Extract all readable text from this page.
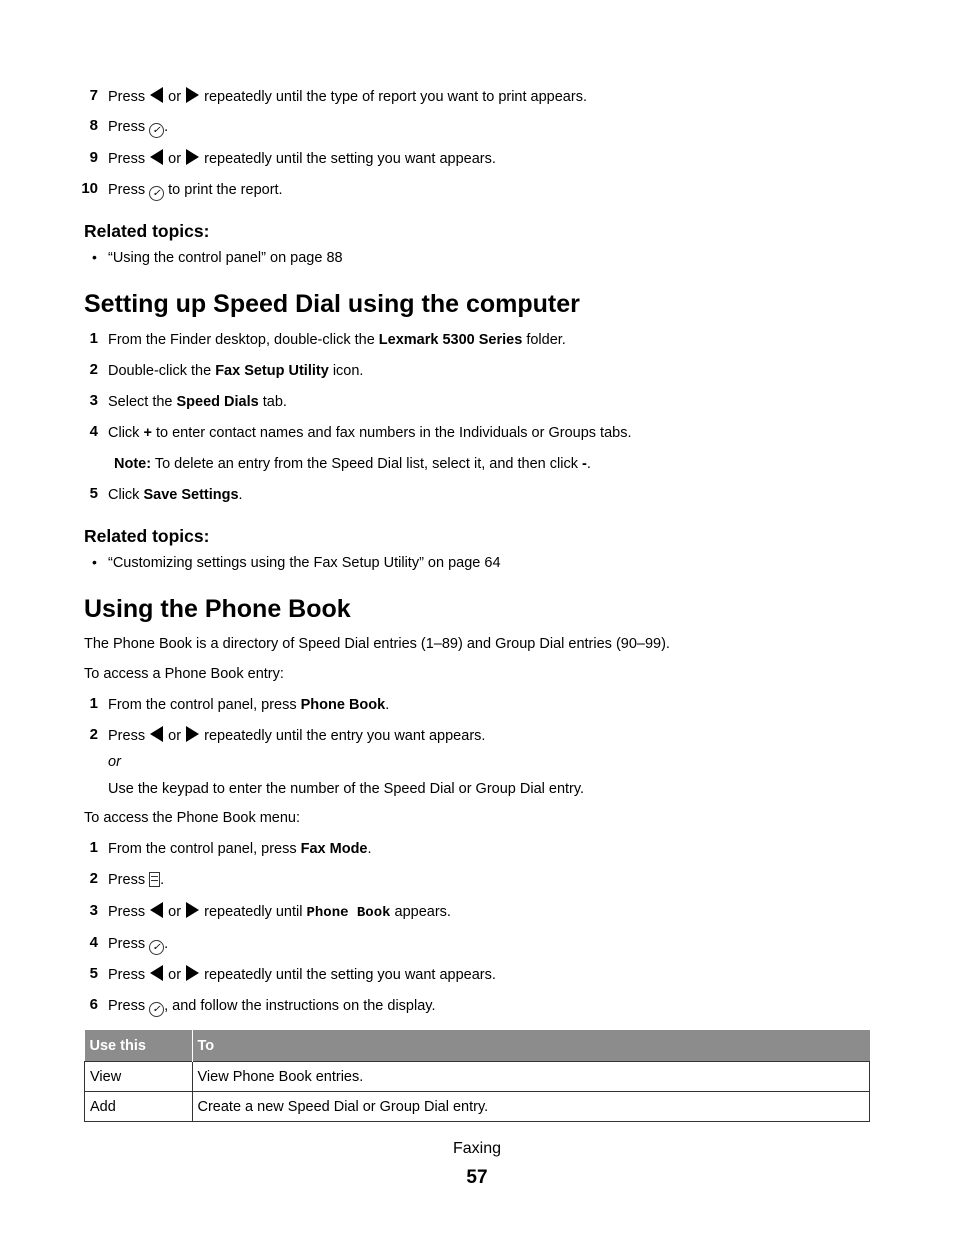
7 Press or repeatedly until the type of report you want to print appears.
8 Press ✓ .
9 Press or repeatedly until the setting you want appears.
10 Press ✓ to print the report.
Related topics:
• “Using the control panel” on page 88
Setting up Speed Dial using the computer
1 From the Finder desktop, double-click the Lexmark 5300 Series folder.
2 Double-click the Fax Setup Utility icon.
3 Select the Speed Dials tab.
4 Click + to enter contact names and fax numbers in the Individuals or Groups tabs.
Note: To delete an entry from the Speed Dial list, select it, and then click -.
5 Click Save Settings.
Related topics:
• “Customizing settings using the Fax Setup Utility” on page 64
Using the Phone Book
The Phone Book is a directory of Speed Dial entries (1–89) and Group Dial entries (90–99).
To access a Phone Book entry:
1 From the control panel, press Phone Book.
2 Press or repeatedly until the entry you want appears.
or
Use the keypad to enter the number of the Speed Dial or Group Dial entry.
To access the Phone Book menu:
1 From the control panel, press Fax Mode.
2 Press .
3 Press or repeatedly until Phone Book appears.
4 Press ✓ .
5 Press or repeatedly until the setting you want appears.
6 Press ✓ , and follow the instructions on the display.
Use this	To
View	View Phone Book entries.
Add	Create a new Speed Dial or Group Dial entry.
Faxing
57
